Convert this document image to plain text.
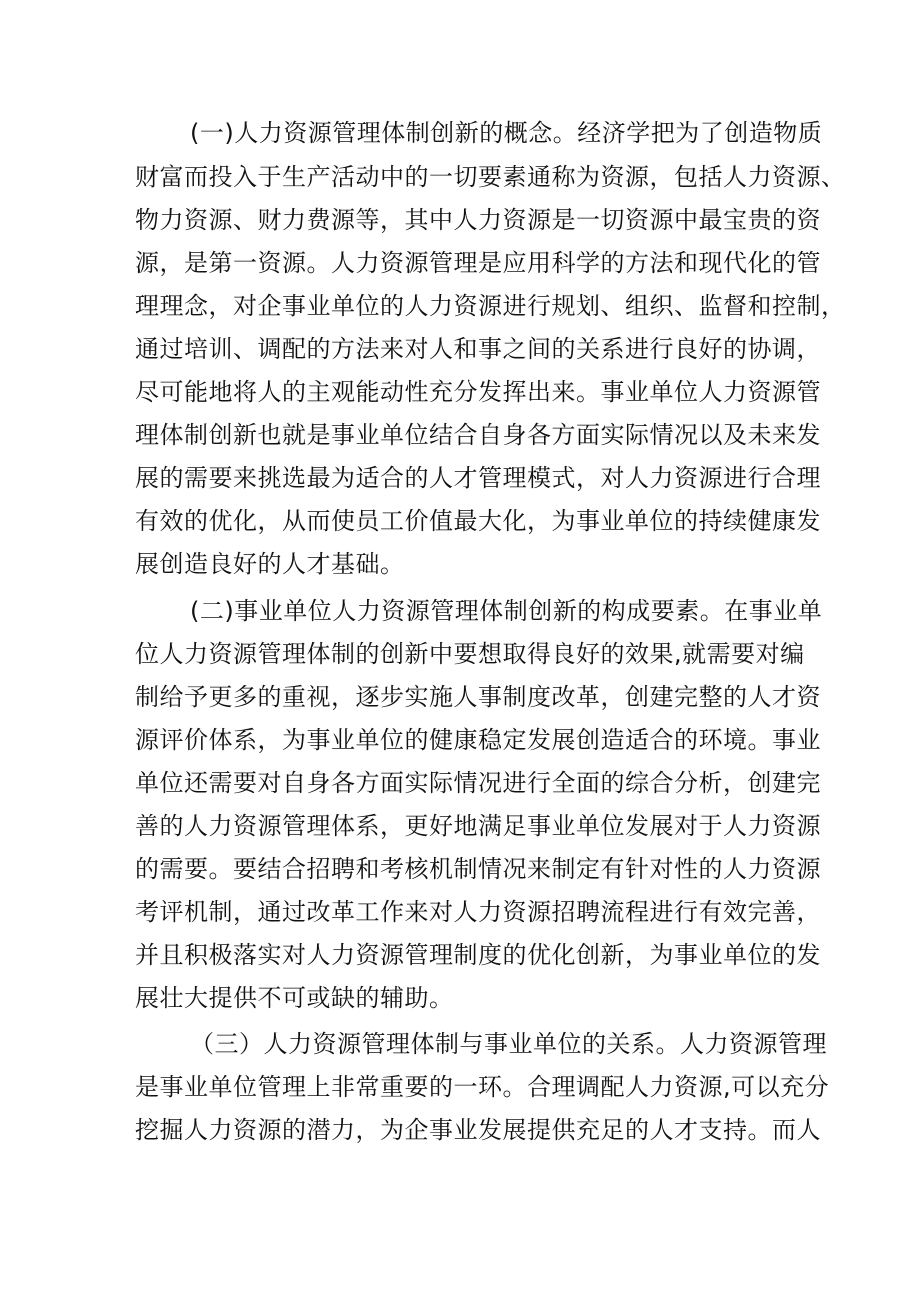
(一)人力资源管理体制创新的概念。经济学把为了创造物质
财富而投入于生产活动中的一切要素通称为资源，包括人力资源、
物力资源、财力费源等，其中人力资源是一切资源中最宝贵的资
源，是第一资源。人力资源管理是应用科学的方法和现代化的管
理理念，对企事业单位的人力资源进行规划、组织、监督和控制，
通过培训、调配的方法来对人和事之间的关系进行良好的协调，
尽可能地将人的主观能动性充分发挥出来。事业单位人力资源管
理体制创新也就是事业单位结合自身各方面实际情况以及未来发
展的需要来挑选最为适合的人才管理模式，对人力资源进行合理
有效的优化，从而使员工价值最大化，为事业单位的持续健康发
展创造良好的人才基础。
(二)事业单位人力资源管理体制创新的构成要素。在事业单
位人力资源管理体制的创新中要想取得良好的效果,就需要对编
制给予更多的重视，逐步实施人事制度改革，创建完整的人才资
源评价体系，为事业单位的健康稳定发展创造适合的环境。事业
单位还需要对自身各方面实际情况进行全面的综合分析，创建完
善的人力资源管理体系，更好地满足事业单位发展对于人力资源
的需要。要结合招聘和考核机制情况来制定有针对性的人力资源
考评机制，通过改革工作来对人力资源招聘流程进行有效完善，
并且积极落实对人力资源管理制度的优化创新，为事业单位的发
展壮大提供不可或缺的辅助。
（三）人力资源管理体制与事业单位的关系。人力资源管理
是事业单位管理上非常重要的一环。合理调配人力资源,可以充分
挖掘人力资源的潜力，为企事业发展提供充足的人才支持。而人
